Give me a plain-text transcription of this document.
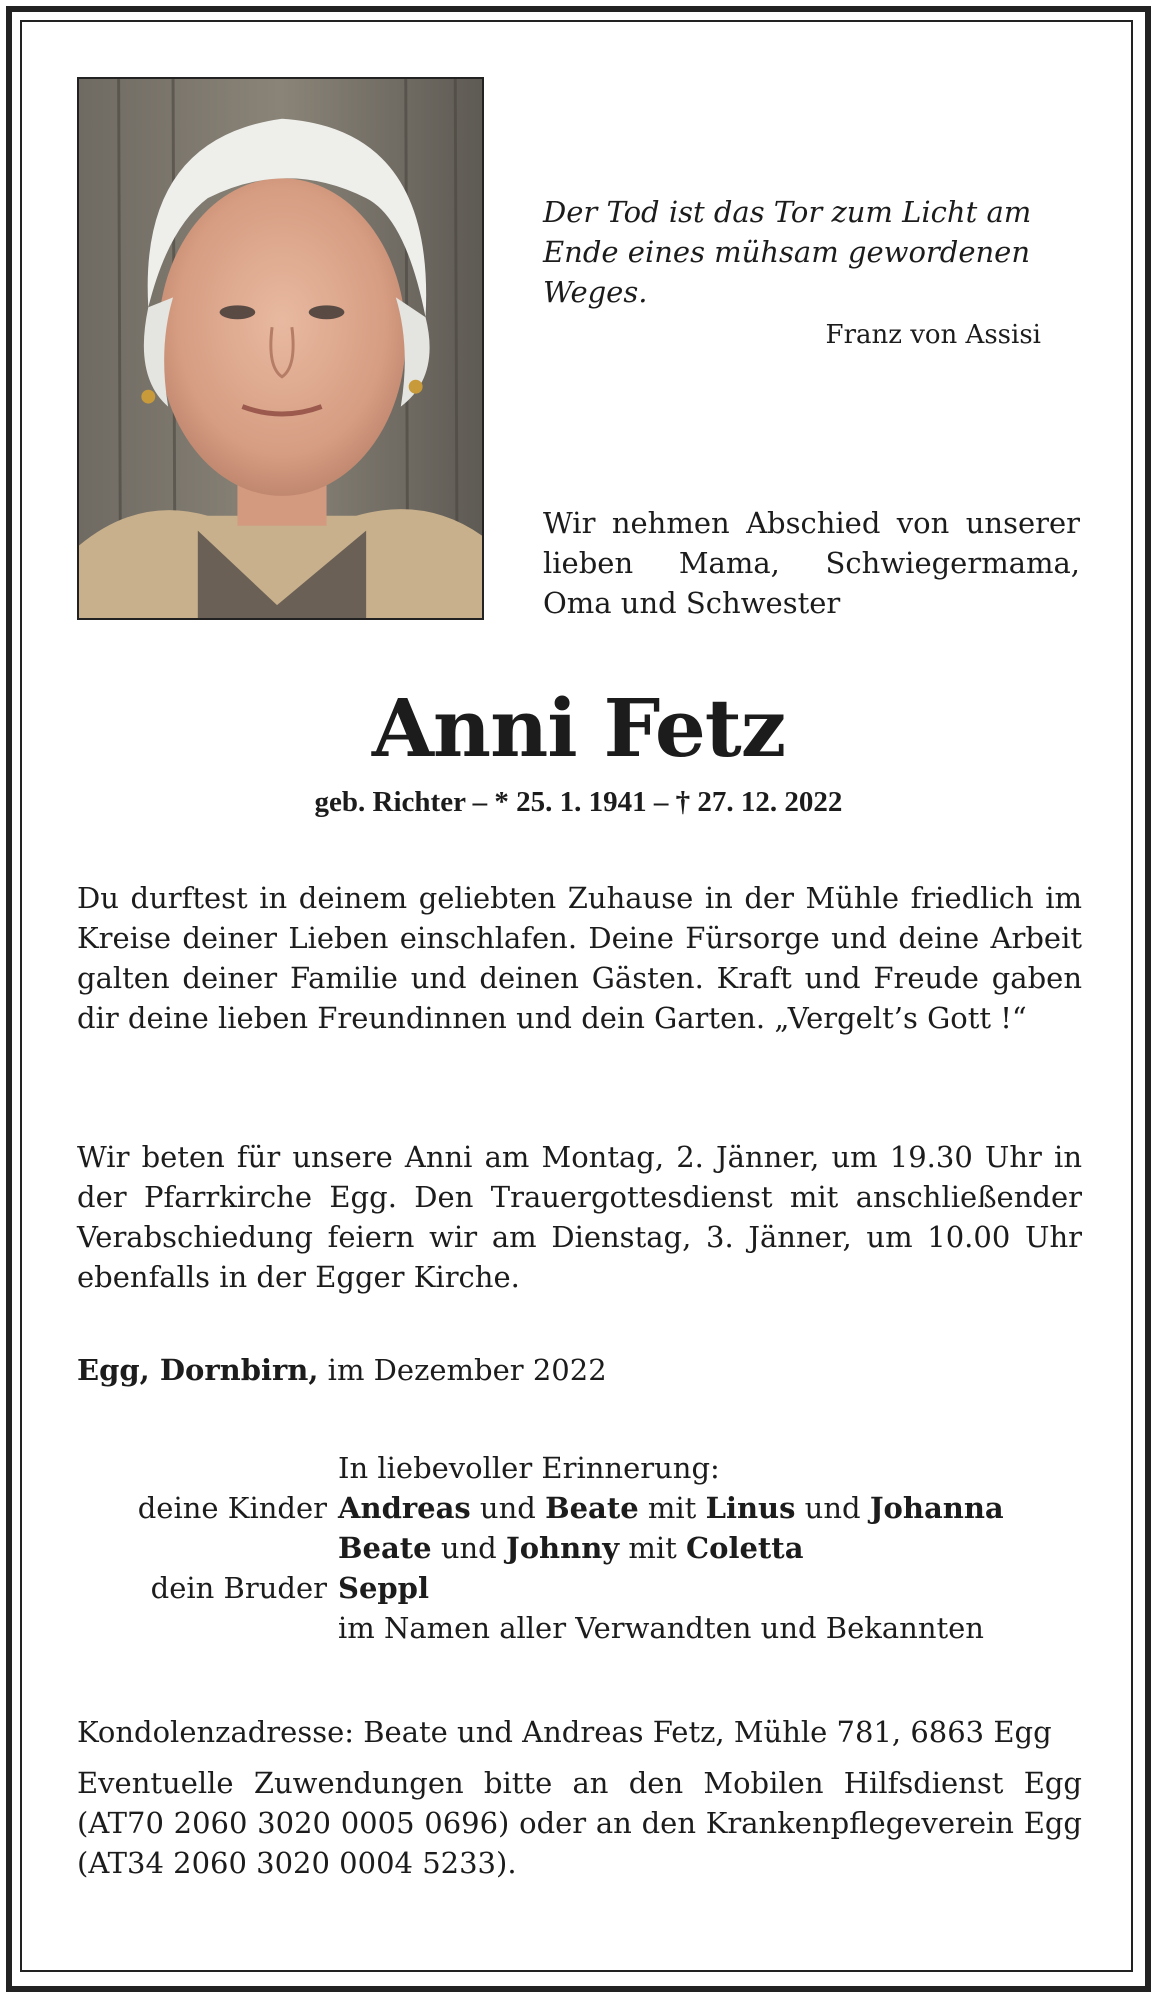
Der Tod ist das Tor zum Licht am Ende eines mühsam gewordenen Weges.
Franz von Assisi
Wir nehmen Abschied von unserer lieben Mama, Schwiegermama, Oma und Schwester
Anni Fetz
geb. Richter – * 25. 1. 1941 – † 27. 12. 2022
Du durftest in deinem geliebten Zuhause in der Mühle friedlich im Kreise deiner Lieben einschlafen. Deine Fürsorge und deine Arbeit galten deiner Familie und deinen Gästen. Kraft und Freude gaben dir deine lieben Freundinnen und dein Garten. „Vergelt’s Gott !“
Wir beten für unsere Anni am Montag, 2. Jänner, um 19.30 Uhr in der Pfarrkirche Egg. Den Trauergottesdienst mit anschließender Verabschiedung feiern wir am Dienstag, 3. Jänner, um 10.00 Uhr ebenfalls in der Egger Kirche.
Egg, Dornbirn, im Dezember 2022
In liebevoller Erinnerung:
deine Kinder Andreas und Beate mit Linus und Johanna
Beate und Johnny mit Coletta
dein Bruder Seppl
im Namen aller Verwandten und Bekannten
Kondolenzadresse: Beate und Andreas Fetz, Mühle 781, 6863 Egg
Eventuelle Zuwendungen bitte an den Mobilen Hilfsdienst Egg (AT70 2060 3020 0005 0696) oder an den Krankenpflegeverein Egg (AT34 2060 3020 0004 5233).
